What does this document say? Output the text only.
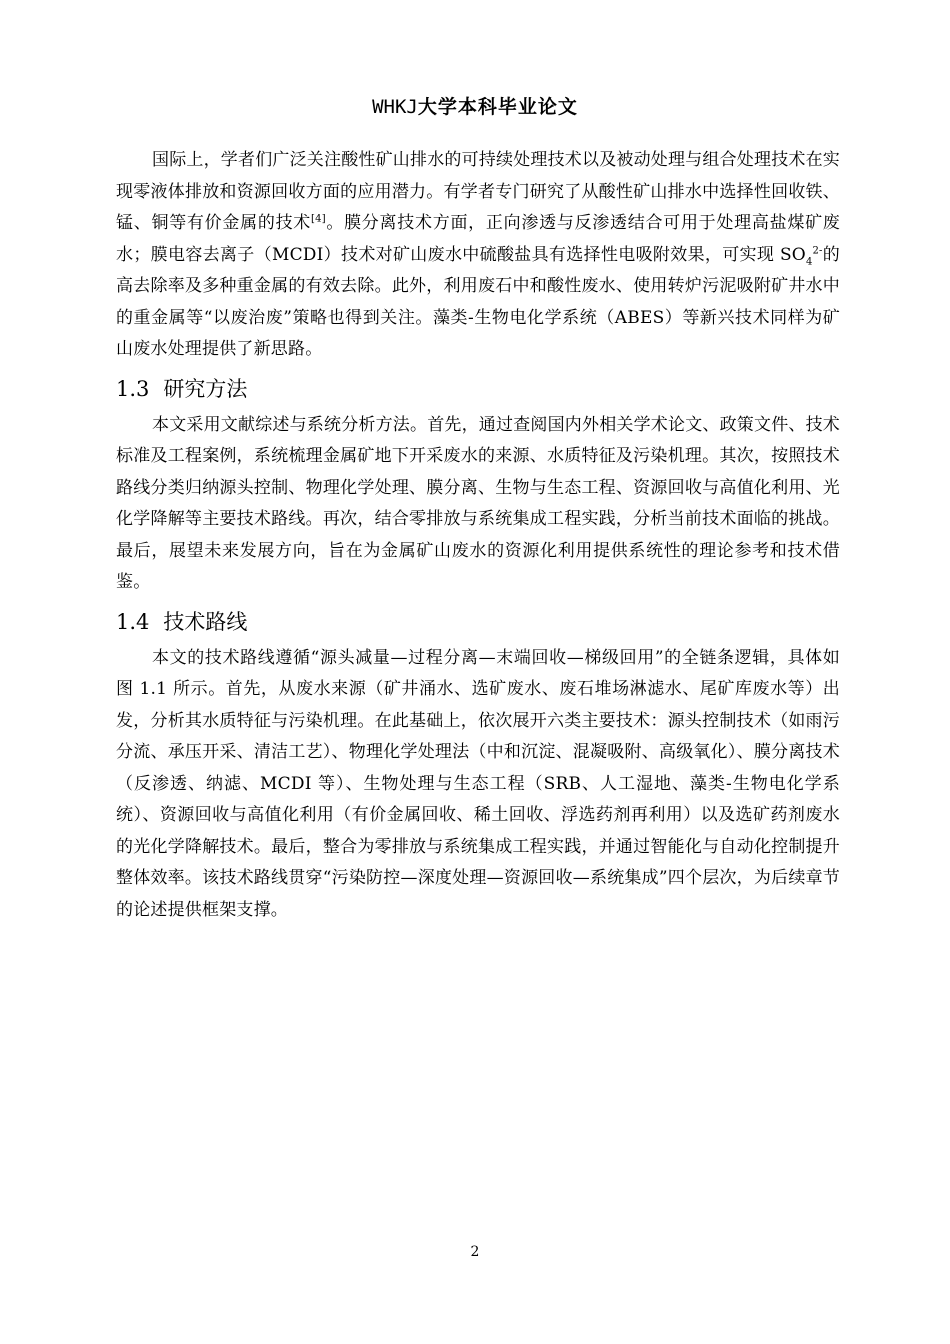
WHKJ大学本科毕业论文

国际上，学者们广泛关注酸性矿山排水的可持续处理技术以及被动处理与组合处理技术在实现零液体排放和资源回收方面的应用潜力。有学者专门研究了从酸性矿山排水中选择性回收铁、锰、铜等有价金属的技术[4]。膜分离技术方面，正向渗透与反渗透结合可用于处理高盐煤矿废水；膜电容去离子（MCDI）技术对矿山废水中硫酸盐具有选择性电吸附效果，可实现 $SO_4^{2-}$的高去除率及多种重金属的有效去除。此外，利用废石中和酸性废水、使用转炉污泥吸附矿井水中的重金属等“以废治废”策略也得到关注。藻类-生物电化学系统（ABES）等新兴技术同样为矿山废水处理提供了新思路。

1.3 研究方法

本文采用文献综述与系统分析方法。首先，通过查阅国内外相关学术论文、政策文件、技术标准及工程案例，系统梳理金属矿地下开采废水的来源、水质特征及污染机理。其次，按照技术路线分类归纳源头控制、物理化学处理、膜分离、生物与生态工程、资源回收与高值化利用、光化学降解等主要技术路线。再次，结合零排放与系统集成工程实践，分析当前技术面临的挑战。最后，展望未来发展方向，旨在为金属矿山废水的资源化利用提供系统性的理论参考和技术借鉴。

1.4 技术路线

本文的技术路线遵循“源头减量—过程分离—末端回收—梯级回用”的全链条逻辑，具体如图 1.1 所示。首先，从废水来源（矿井涌水、选矿废水、废石堆场淋滤水、尾矿库废水等）出发，分析其水质特征与污染机理。在此基础上，依次展开六类主要技术：源头控制技术（如雨污分流、承压开采、清洁工艺）、物理化学处理法（中和沉淀、混凝吸附、高级氧化）、膜分离技术（反渗透、纳滤、MCDI 等）、生物处理与生态工程（SRB、人工湿地、藻类-生物电化学系统）、资源回收与高值化利用（有价金属回收、稀土回收、浮选药剂再利用）以及选矿药剂废水的光化学降解技术。最后，整合为零排放与系统集成工程实践，并通过智能化与自动化控制提升整体效率。该技术路线贯穿“污染防控—深度处理—资源回收—系统集成”四个层次，为后续章节的论述提供框架支撑。

2
